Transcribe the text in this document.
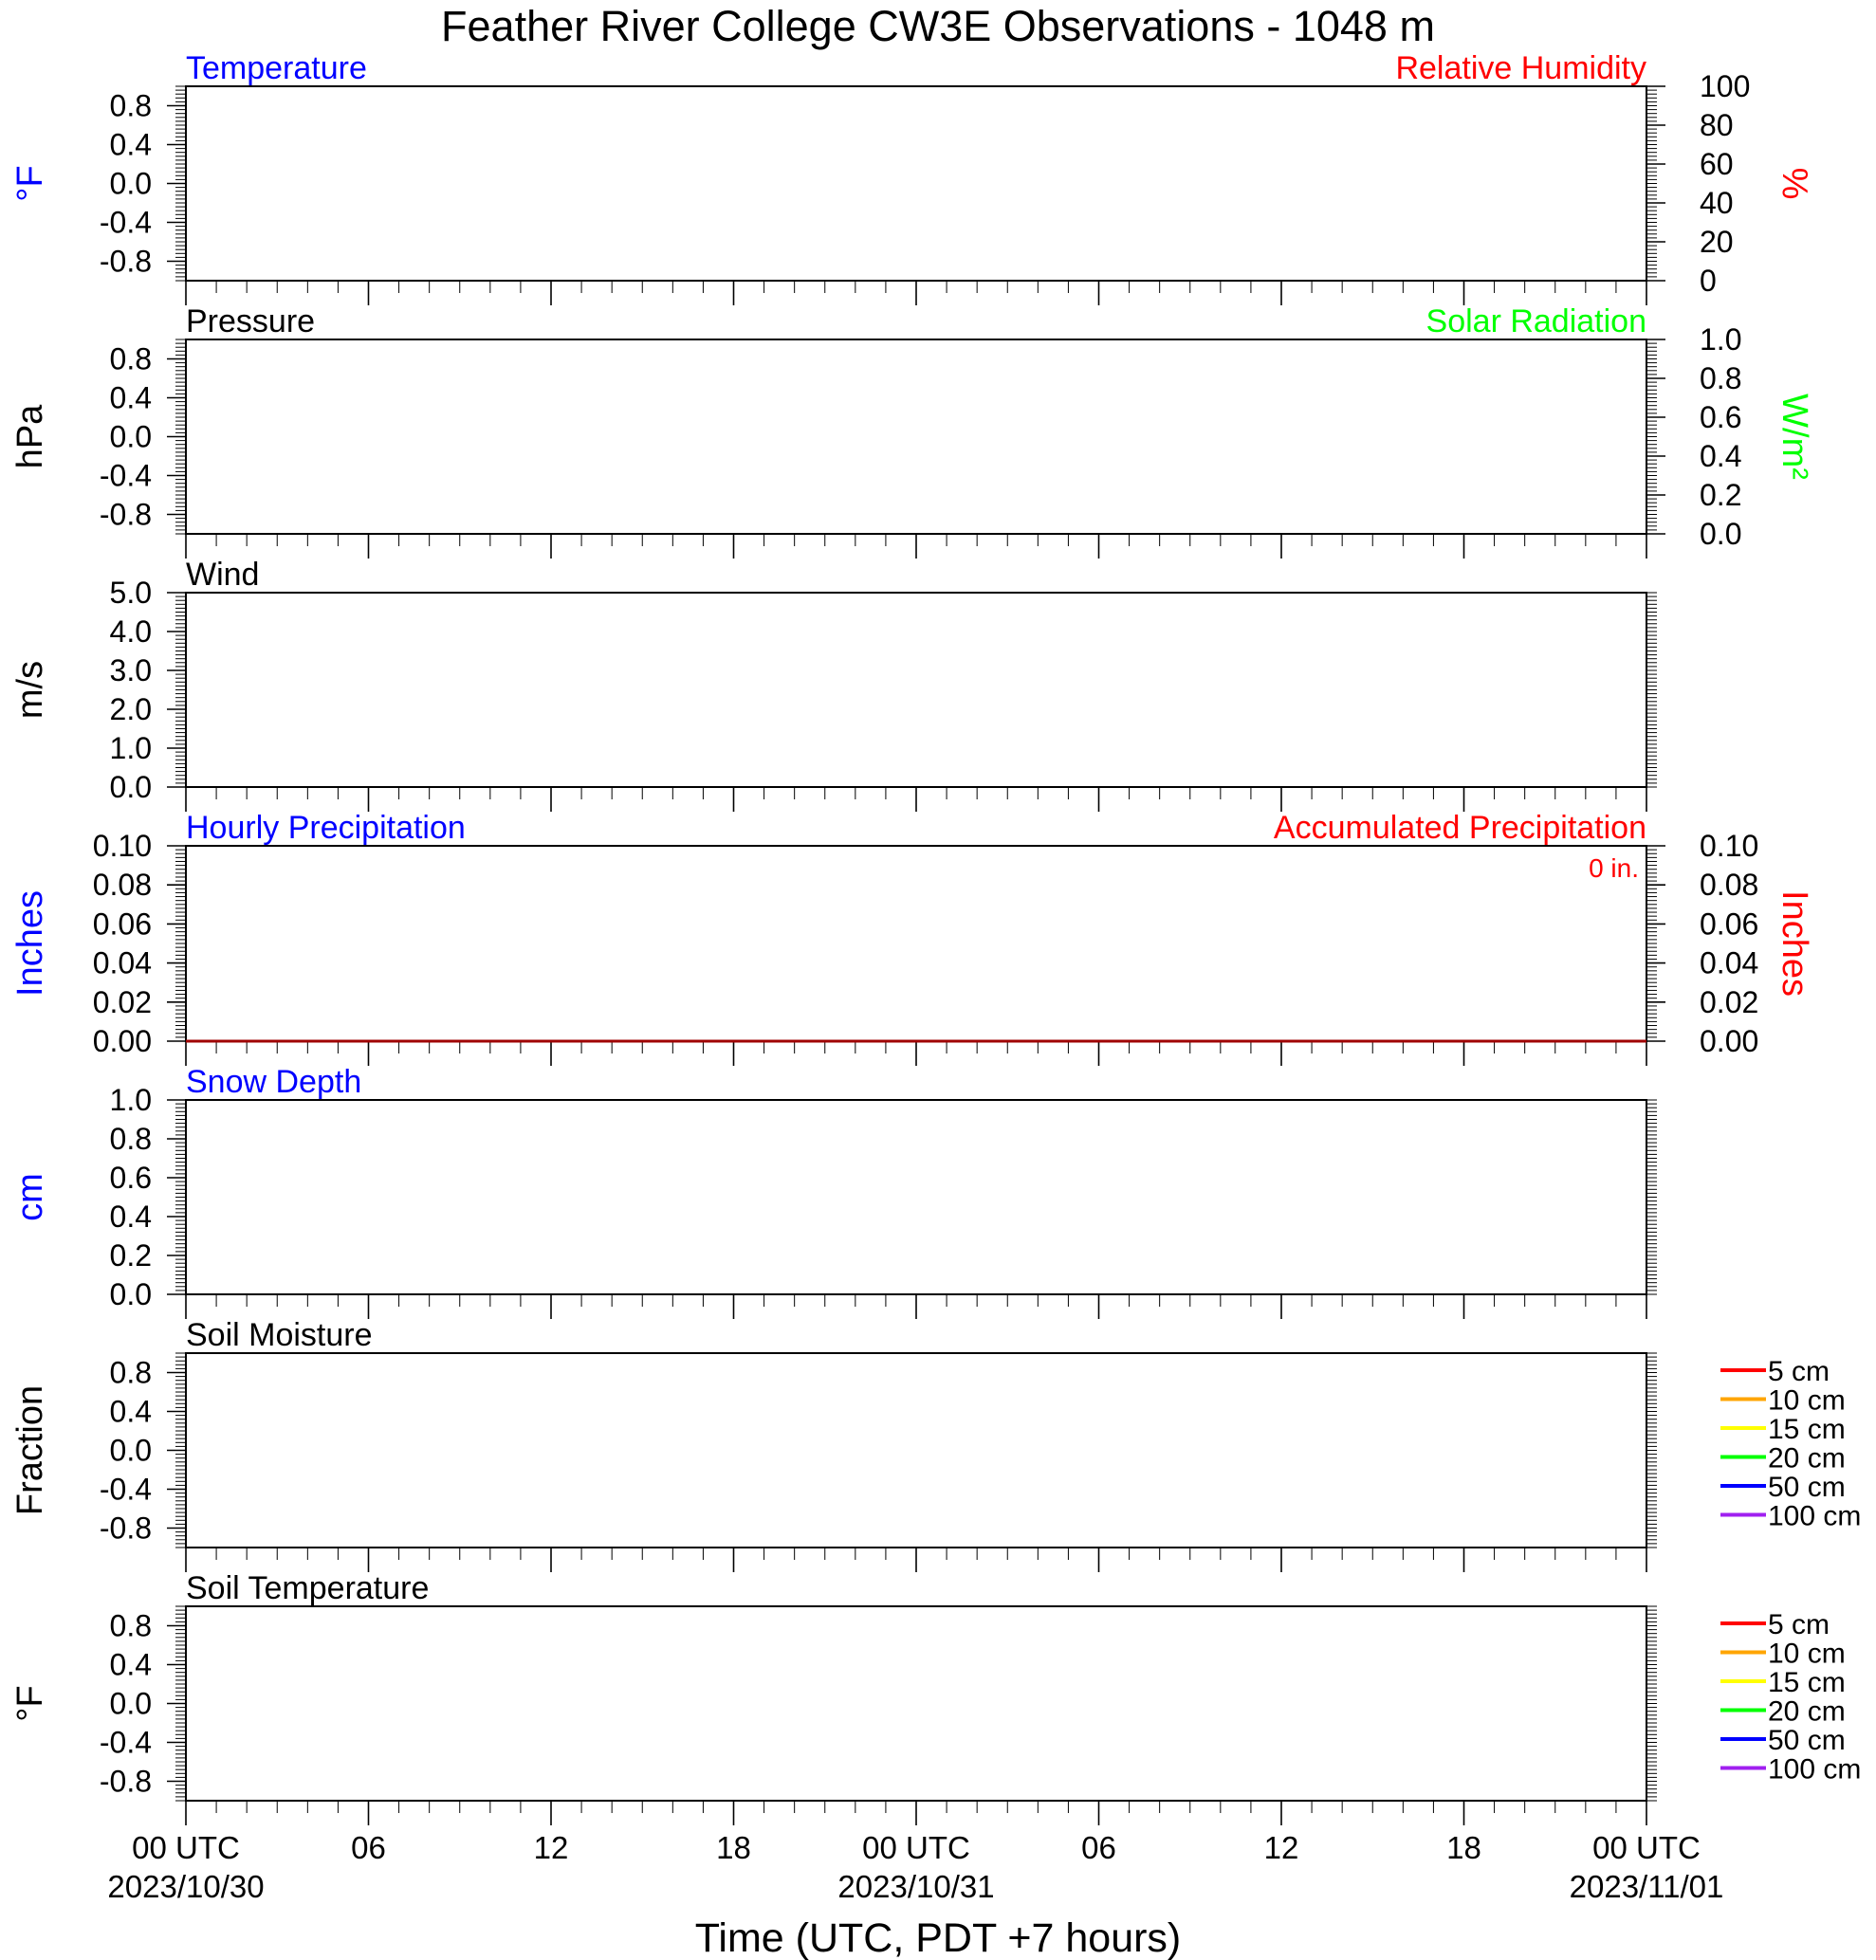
Feather River College CW3E Observations - 1048 m
0.8
0.4
0.0
-0.4
-0.8
100
80
60
40
20
0
Temperature	Relative Humidity
°F	%
0.8
0.4
0.0
-0.4
-0.8
1.0
0.8
0.6
0.4
0.2
0.0
Pressure	Solar Radiation
hPa	W/m²
5.0
4.0
3.0
2.0
1.0
0.0
Wind
m/s
0.10
0.08
0.06
0.04
0.02
0.00
0.10
0.08
0.06
0.04
0.02
0.00
Hourly Precipitation	Accumulated Precipitation
0 in.
Inches	Inches
1.0
0.8
0.6
0.4
0.2
0.0
Snow Depth
cm
0.8
0.4
0.0
-0.4
-0.8
Soil Moisture
Fraction
5 cm
10 cm
15 cm
20 cm
50 cm
100 cm
0.8
0.4
0.0
-0.4
-0.8
Soil Temperature
°F
5 cm
10 cm
15 cm
20 cm
50 cm
100 cm
00 UTC
2023/10/30
06	12	18	00 UTC
2023/10/31
06	12	18	00 UTC
2023/11/01
Time (UTC, PDT +7 hours)
